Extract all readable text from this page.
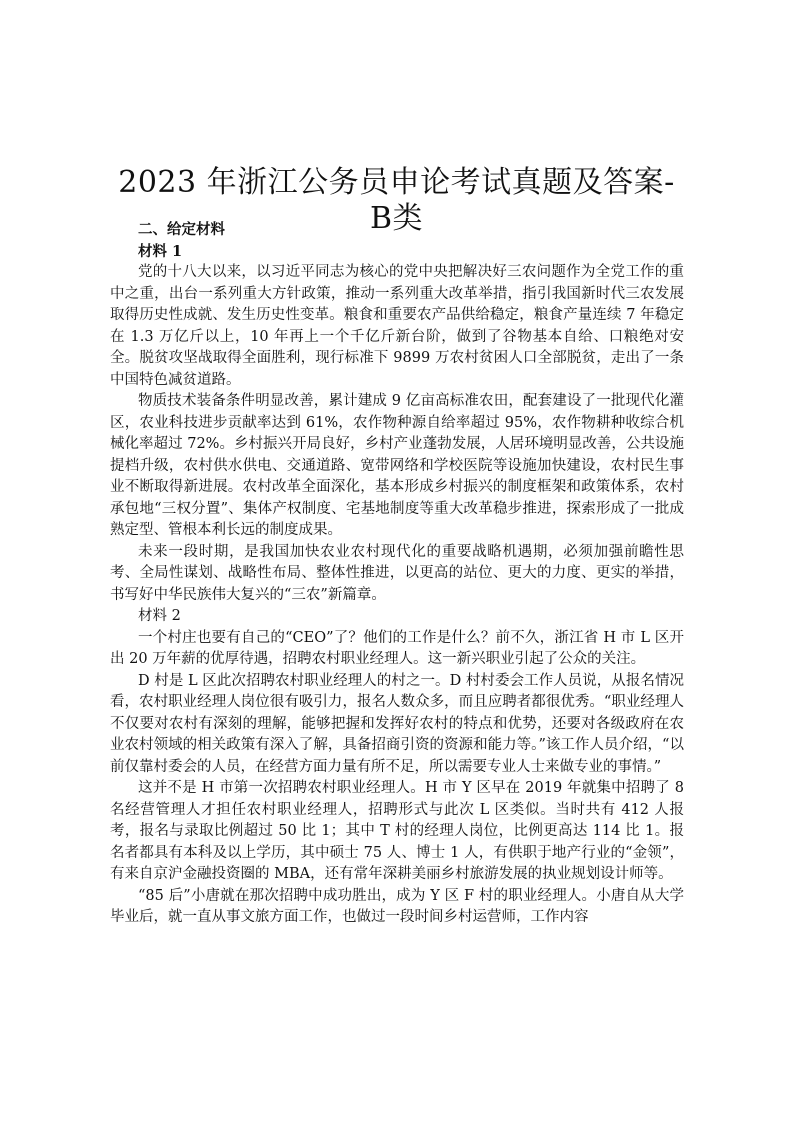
2023 年浙江公务员申论考试真题及答案-B类

二、给定材料

材料 1

党的十八大以来，以习近平同志为核心的党中央把解决好三农问题作为全党工作的重中之重，出台一系列重大方针政策，推动一系列重大改革举措，指引我国新时代三农发展取得历史性成就、发生历史性变革。粮食和重要农产品供给稳定，粮食产量连续 7 年稳定在 1.3 万亿斤以上，10 年再上一个千亿斤新台阶，做到了谷物基本自给、口粮绝对安全。脱贫攻坚战取得全面胜利，现行标准下 9899 万农村贫困人口全部脱贫，走出了一条中国特色减贫道路。

物质技术装备条件明显改善，累计建成 9 亿亩高标准农田，配套建设了一批现代化灌区，农业科技进步贡献率达到 61%，农作物种源自给率超过 95%，农作物耕种收综合机械化率超过 72%。乡村振兴开局良好，乡村产业蓬勃发展，人居环境明显改善，公共设施提档升级，农村供水供电、交通道路、宽带网络和学校医院等设施加快建设，农村民生事业不断取得新进展。农村改革全面深化，基本形成乡村振兴的制度框架和政策体系，农村承包地“三权分置”、集体产权制度、宅基地制度等重大改革稳步推进，探索形成了一批成熟定型、管根本利长远的制度成果。

未来一段时期，是我国加快农业农村现代化的重要战略机遇期，必须加强前瞻性思考、全局性谋划、战略性布局、整体性推进，以更高的站位、更大的力度、更实的举措，书写好中华民族伟大复兴的“三农”新篇章。

材料 2

一个村庄也要有自己的“CEO”了？他们的工作是什么？前不久，浙江省 H 市 L 区开出 20 万年薪的优厚待遇，招聘农村职业经理人。这一新兴职业引起了公众的关注。

D 村是 L 区此次招聘农村职业经理人的村之一。D 村村委会工作人员说，从报名情况看，农村职业经理人岗位很有吸引力，报名人数众多，而且应聘者都很优秀。“职业经理人不仅要对农村有深刻的理解，能够把握和发挥好农村的特点和优势，还要对各级政府在农业农村领域的相关政策有深入了解，具备招商引资的资源和能力等。”该工作人员介绍，“以前仅靠村委会的人员，在经营方面力量有所不足，所以需要专业人士来做专业的事情。”

这并不是 H 市第一次招聘农村职业经理人。H 市 Y 区早在 2019 年就集中招聘了 8 名经营管理人才担任农村职业经理人，招聘形式与此次 L 区类似。当时共有 412 人报考，报名与录取比例超过 50 比 1；其中 T 村的经理人岗位，比例更高达 114 比 1。报名者都具有本科及以上学历，其中硕士 75 人、博士 1 人，有供职于地产行业的“金领”，有来自京沪金融投资圈的 MBA，还有常年深耕美丽乡村旅游发展的执业规划设计师等。

“85 后”小唐就在那次招聘中成功胜出，成为 Y 区 F 村的职业经理人。小唐自从大学毕业后，就一直从事文旅方面工作，也做过一段时间乡村运营师，工作内容
